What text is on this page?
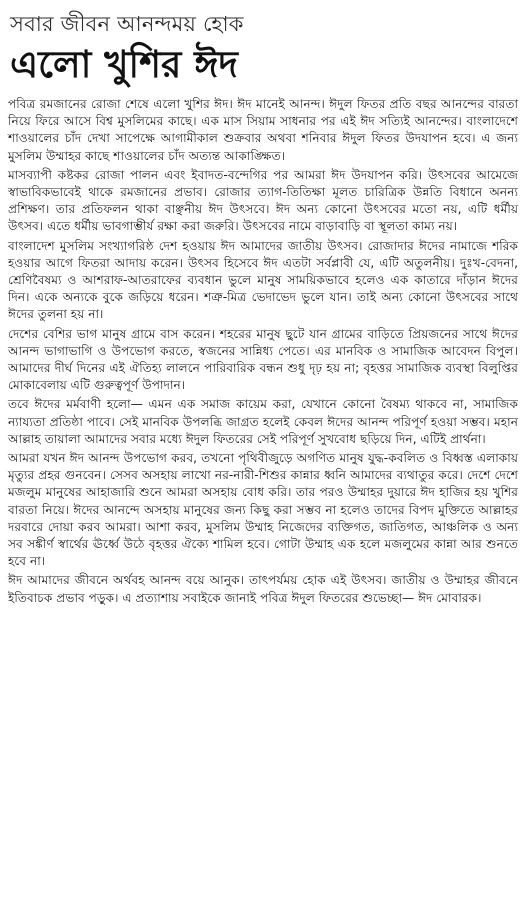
সবার জীবন আনন্দময় হোক
এলো খুশির ঈদ

পবিত্র রমজানের রোজা শেষে এলো খুশির ঈদ। ঈদ মানেই আনন্দ। ঈদুল ফিতর প্রতি বছর আনন্দের বারতা নিয়ে ফিরে আসে বিশ্ব মুসলিমের কাছে। এক মাস সিয়াম সাধনার পর এই ঈদ সত্যিই আনন্দের। বাংলাদেশে শাওয়ালের চাঁদ দেখা সাপেক্ষে আগামীকাল শুক্রবার অথবা শনিবার ঈদুল ফিতর উদযাপন হবে। এ জন্য মুসলিম উম্মাহর কাছে শাওয়ালের চাঁদ অত্যন্ত আকাঙ্ক্ষিত।

মাসব্যাপী কষ্টকর রোজা পালন এবং ইবাদত-বন্দেগির পর আমরা ঈদ উদযাপন করি। উৎসবের আমেজে স্বাভাবিকভাবেই থাকে রমজানের প্রভাব। রোজার ত্যাগ-তিতিক্ষা মূলত চারিত্রিক উন্নতি বিধানে অনন্য প্রশিক্ষণ। তার প্রতিফলন থাকা বাঞ্ছনীয় ঈদ উৎসবে। ঈদ অন্য কোনো উৎসবের মতো নয়, এটি ধর্মীয় উৎসব। এতে ধর্মীয় ভাবগাম্ভীর্য রক্ষা করা জরুরি। উৎসবের নামে বাড়াবাড়ি বা স্থূলতা কাম্য নয়।

বাংলাদেশ মুসলিম সংখ্যাগরিষ্ঠ দেশ হওয়ায় ঈদ আমাদের জাতীয় উৎসব। রোজাদার ঈদের নামাজে শরিক হওয়ার আগে ফিতরা আদায় করেন। উৎসব হিসেবে ঈদ এতটা সর্বপ্লাবী যে, এটি অতুলনীয়। দুঃখ-বেদনা, শ্রেণিবৈষম্য ও আশরাফ-আতরাফের ব্যবধান ভুলে মানুষ সাময়িকভাবে হলেও এক কাতারে দাঁড়ান ঈদের দিন। একে অন্যকে বুকে জড়িয়ে ধরেন। শত্রু-মিত্র ভেদাভেদ ভুলে যান। তাই অন্য কোনো উৎসবের সাথে ঈদের তুলনা হয় না।

দেশের বেশির ভাগ মানুষ গ্রামে বাস করেন। শহরের মানুষ ছুটে যান গ্রামের বাড়িতে প্রিয়জনের সাথে ঈদের আনন্দ ভাগাভাগি ও উপভোগ করতে, স্বজনের সান্নিধ্য পেতে। এর মানবিক ও সামাজিক আবেদন বিপুল। আমাদের দীর্ঘ দিনের এই ঐতিহ্য লালনে পারিবারিক বন্ধন শুধু দৃঢ় হয় না; বৃহত্তর সামাজিক ব্যবস্থা বিলুপ্তির মোকাবেলায় এটি গুরুত্বপূর্ণ উপাদান।

তবে ঈদের মর্মবাণী হলো— এমন এক সমাজ কায়েম করা, যেখানে কোনো বৈষম্য থাকবে না, সামাজিক ন্যায্যতা প্রতিষ্ঠা পাবে। সেই মানবিক উপলব্ধি জাগ্রত হলেই কেবল ঈদের আনন্দ পরিপূর্ণ হওয়া সম্ভব। মহান আল্লাহ তায়ালা আমাদের সবার মধ্যে ঈদুল ফিতরের সেই পরিপূর্ণ সুখবোধ ছড়িয়ে দিন, এটিই প্রার্থনা।

আমরা যখন ঈদ আনন্দ উপভোগ করব, তখনো পৃথিবীজুড়ে অগণিত মানুষ যুদ্ধ-কবলিত ও বিধ্বস্ত এলাকায় মৃত্যুর প্রহর গুনবেন। সেসব অসহায় লাখো নর-নারী-শিশুর কান্নার ধ্বনি আমাদের ব্যথাতুর করে। দেশে দেশে মজলুম মানুষের আহাজারি শুনে আমরা অসহায় বোধ করি। তার পরও উম্মাহর দুয়ারে ঈদ হাজির হয় খুশির বারতা নিয়ে। ঈদের আনন্দে অসহায় মানুষের জন্য কিছু করা সম্ভব না হলেও তাদের বিপদ মুক্তিতে আল্লাহর দরবারে দোয়া করব আমরা। আশা করব, মুসলিম উম্মাহ নিজেদের ব্যক্তিগত, জাতিগত, আঞ্চলিক ও অন্য সব সঙ্কীর্ণ স্বার্থের ঊর্ধ্বে উঠে বৃহত্তর ঐক্যে শামিল হবে। গোটা উম্মাহ এক হলে মজলুমের কান্না আর শুনতে হবে না।

ঈদ আমাদের জীবনে অর্থবহ আনন্দ বয়ে আনুক। তাৎপর্যময় হোক এই উৎসব। জাতীয় ও উম্মাহর জীবনে ইতিবাচক প্রভাব পড়ুক। এ প্রত্যাশায় সবাইকে জানাই পবিত্র ঈদুল ফিতরের শুভেচ্ছা— ঈদ মোবারক।
